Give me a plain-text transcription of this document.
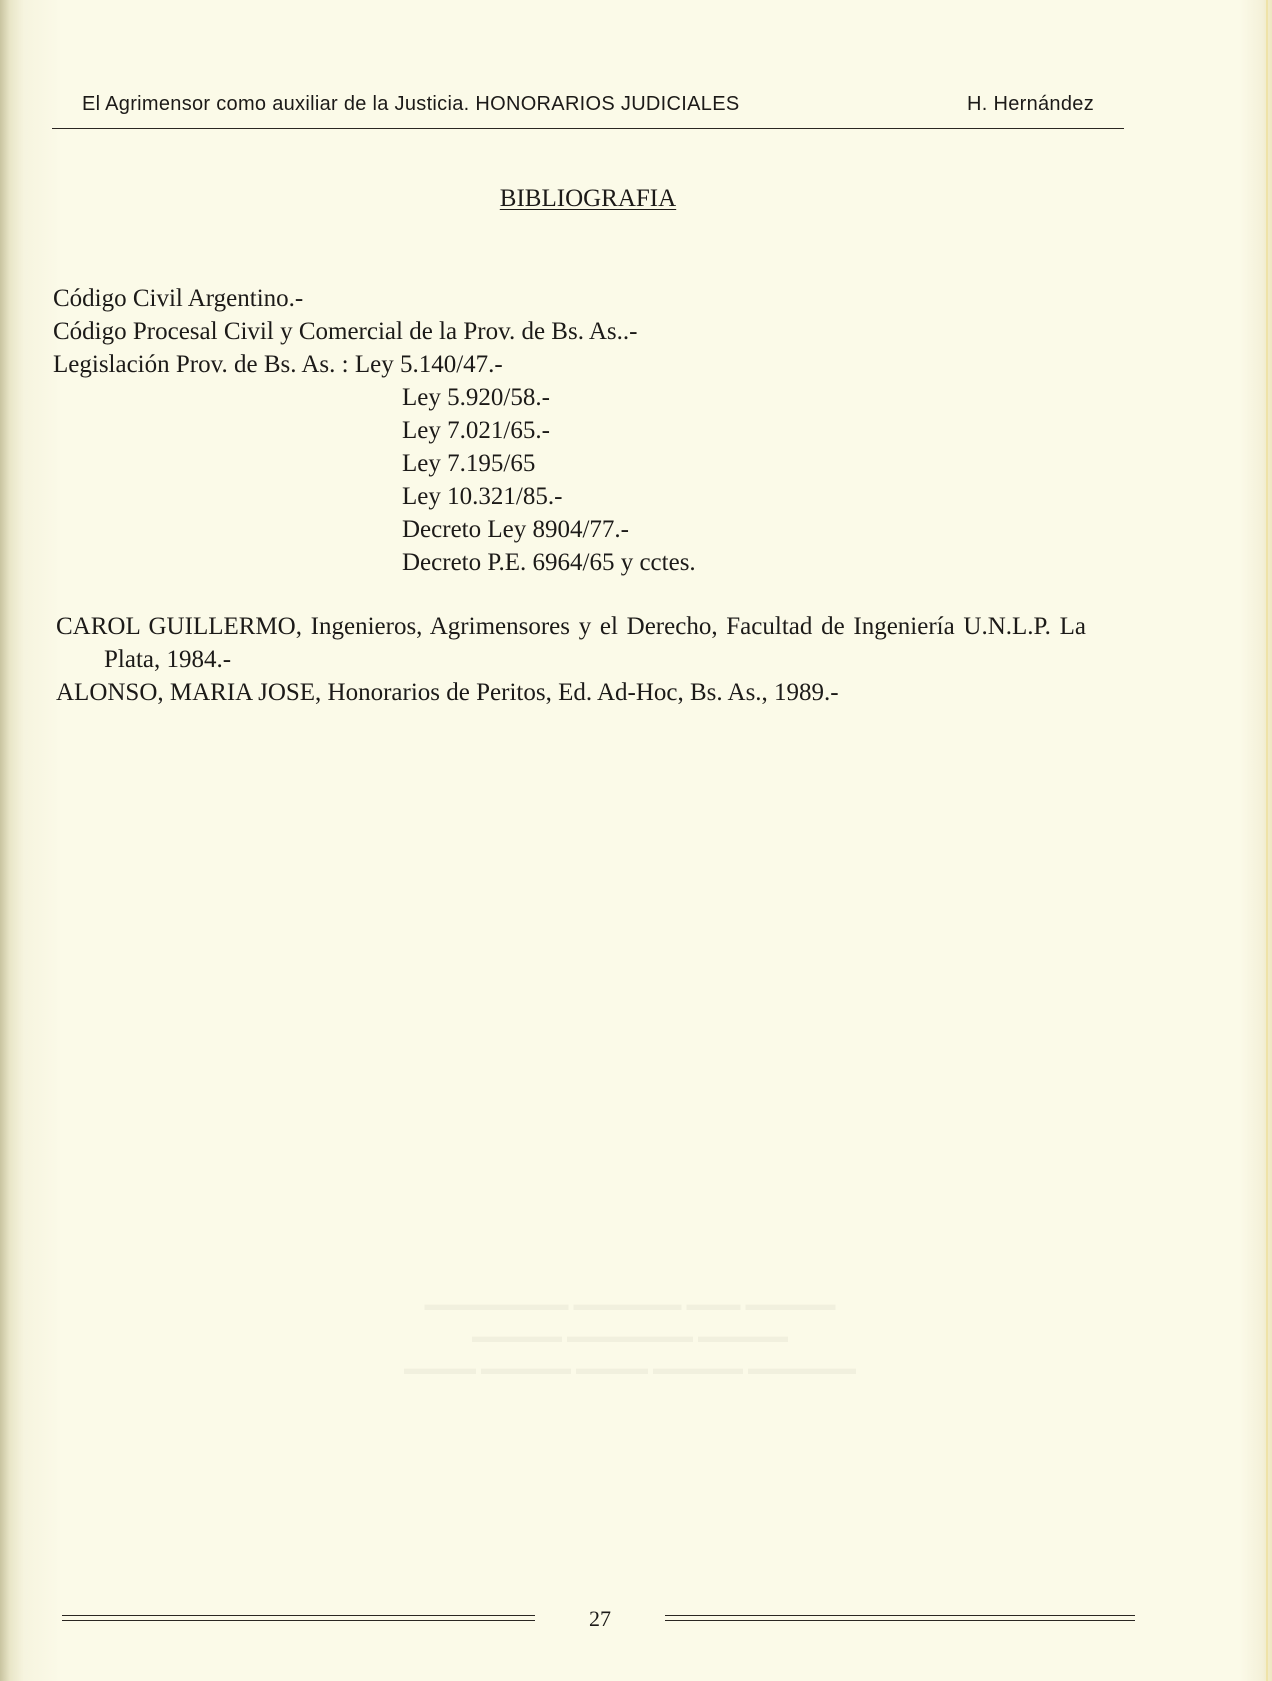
El Agrimensor como auxiliar de la Justicia. HONORARIOS JUDICIALES	H. Hernández
BIBLIOGRAFIA
Código Civil Argentino.-
Código Procesal Civil y Comercial de la Prov. de Bs. As..-
Legislación Prov. de Bs. As. : Ley 5.140/47.-
Ley 5.920/58.-
Ley 7.021/65.-
Ley 7.195/65
Ley 10.321/85.-
Decreto Ley 8904/77.-
Decreto P.E. 6964/65 y cctes.
CAROL GUILLERMO, Ingenieros, Agrimensores y el Derecho, Facultad de Ingeniería U.N.L.P. La Plata, 1984.-
ALONSO, MARIA JOSE, Honorarios de Peritos, Ed. Ad-Hoc, Bs. As., 1989.-
▬▬▬▬▬▬▬▬ ▬▬▬▬▬▬ ▬▬▬ ▬▬▬▬▬
▬▬▬▬▬ ▬▬▬▬▬▬▬ ▬▬▬▬▬
▬▬▬▬ ▬▬▬▬▬ ▬▬▬▬ ▬▬▬▬▬ ▬▬▬▬▬▬
27
